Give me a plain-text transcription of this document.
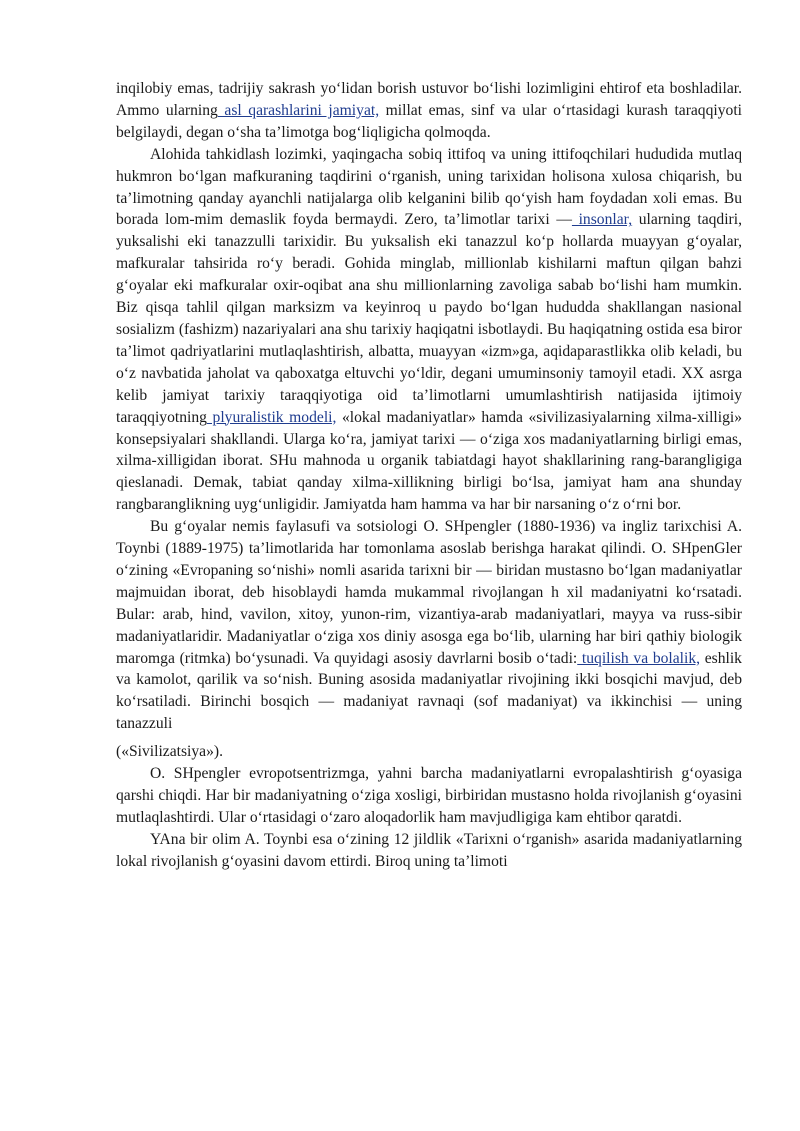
inqilobiy emas, tadrijiy sakrash yo‘lidan borish ustuvor bo‘lishi lozimligini ehtirof eta boshladilar. Ammo ularning asl qarashlarini jamiyat, millat emas, sinf va ular o‘rtasidagi kurash taraqqiyoti belgilaydi, degan o‘sha ta’limotga bog‘liqligicha qolmoqda.

Alohida tahkidlash lozimki, yaqingacha sobiq ittifoq va uning ittifoqchilari hududida mutlaq hukmron bo‘lgan mafkuraning taqdirini o‘rganish, uning tarixidan holisona xulosa chiqarish, bu ta’limotning qanday ayanchli natijalarga olib kelganini bilib qo‘yish ham foydadan xoli emas. Bu borada lom-mim demaslik foyda bermaydi. Zero, ta’limotlar tarixi — insonlar, ularning taqdiri, yuksalishi eki tanazzulli tarixidir. Bu yuksalish eki tanazzul ko‘p hollarda muayyan g‘oyalar, mafkuralar tahsirida ro‘y beradi. Gohida minglab, millionlab kishilarni maftun qilgan bahzi g‘oyalar eki mafkuralar oxir-oqibat ana shu millionlarning zavoliga sabab bo‘lishi ham mumkin. Biz qisqa tahlil qilgan marksizm va keyinroq u paydo bo‘lgan hududda shakllangan nasional sosializm (fashizm) nazariyalari ana shu tarixiy haqiqatni isbotlaydi. Bu haqiqatning ostida esa biror ta’limot qadriyatlarini mutlaqlashtirish, albatta, muayyan «izm»ga, aqidaparastlikka olib keladi, bu o‘z navbatida jaholat va qaboxatga eltuvchi yo‘ldir, degani umuminsoniy tamoyil etadi. XX asrga kelib jamiyat tarixiy taraqqiyotiga oid ta’limotlarni umumlashtirish natijasida ijtimoiy taraqqiyotning plyuralistik modeli, «lokal madaniyatlar» hamda «sivilizasiyalarning xilma-xilligi» konsepsiyalari shakllandi. Ularga ko‘ra, jamiyat tarixi — o‘ziga xos madaniyatlarning birligi emas, xilma-xilligidan iborat. SHu mahnoda u organik tabiatdagi hayot shakllarining rang-barangligiga qieslanadi. Demak, tabiat qanday xilma-xillikning birligi bo‘lsa, jamiyat ham ana shunday rangbaranglikning uyg‘unligidir. Jamiyatda ham hamma va har bir narsaning o‘z o‘rni bor.

Bu g‘oyalar nemis faylasufi va sotsiologi O. SHpengler (1880-1936) va ingliz tarixchisi A. Toynbi (1889-1975) ta’limotlarida har tomonlama asoslab berishga harakat qilindi. O. SHpenGler o‘zining «Evropaning so‘nishi» nomli asarida tarixni bir — biridan mustasno bo‘lgan madaniyatlar majmuidan iborat, deb hisoblaydi hamda mukammal rivojlangan h xil madaniyatni ko‘rsatadi. Bular: arab, hind, vavilon, xitoy, yunon-rim, vizantiya-arab madaniyatlari, mayya va russ-sibir madaniyatlaridir. Madaniyatlar o‘ziga xos diniy asosga ega bo‘lib, ularning har biri qathiy biologik maromga (ritmka) bo‘ysunadi. Va quyidagi asosiy davrlarni bosib o‘tadi: tuqilish va bolalik, eshlik va kamolot, qarilik va so‘nish. Buning asosida madaniyatlar rivojining ikki bosqichi mavjud, deb ko‘rsatiladi. Birinchi bosqich — madaniyat ravnaqi (sof madaniyat) va ikkinchisi — uning tanazzuli

(«Sivilizatsiya»).

O. SHpengler evropotsentrizmga, yahni barcha madaniyatlarni evropalashtirish g‘oyasiga qarshi chiqdi. Har bir madaniyatning o‘ziga xosligi, birbiridan mustasno holda rivojlanish g‘oyasini mutlaqlashtirdi. Ular o‘rtasidagi o‘zaro aloqadorlik ham mavjudligiga kam ehtibor qaratdi.

YAna bir olim A. Toynbi esa o‘zining 12 jildlik «Tarixni o‘rganish» asarida madaniyatlarning lokal rivojlanish g‘oyasini davom ettirdi. Biroq uning ta’limoti
